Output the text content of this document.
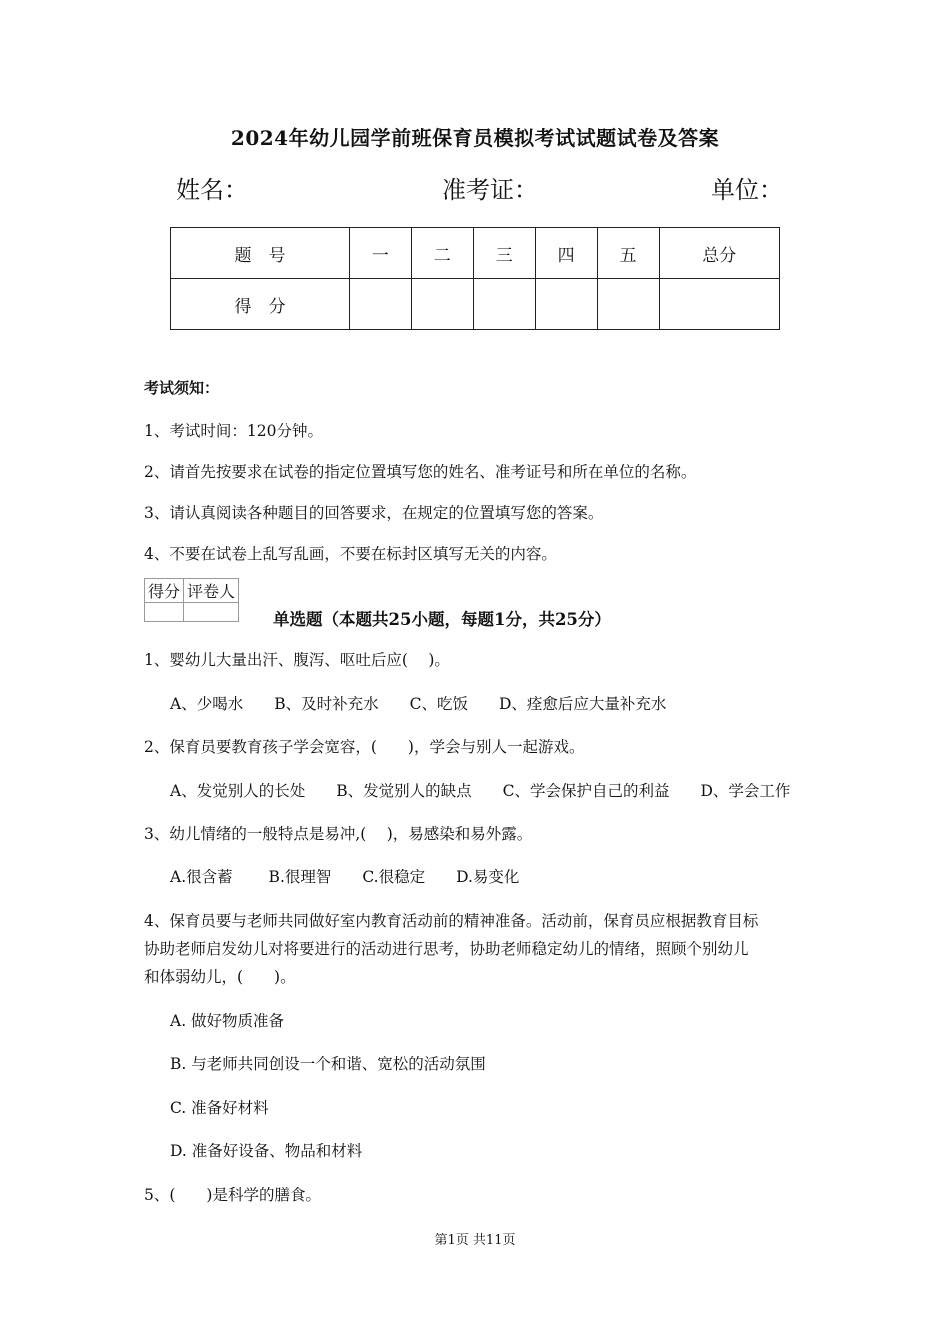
2024年幼儿园学前班保育员模拟考试试题试卷及答案
姓名：	准考证：	单位：
题　号	一	二	三	四	五	总分
得　分						
考试须知：
1、考试时间：120分钟。
2、请首先按要求在试卷的指定位置填写您的姓名、准考证号和所在单位的名称。
3、请认真阅读各种题目的回答要求，在规定的位置填写您的答案。
4、不要在试卷上乱写乱画，不要在标封区填写无关的内容。
得分	评卷人

单选题（本题共25小题，每题1分，共25分）
1、婴幼儿大量出汗、腹泻、呕吐后应(　 )。
A、少喝水　　B、及时补充水　　C、吃饭　　D、痊愈后应大量补充水
2、保育员要教育孩子学会宽容，(　　)，学会与别人一起游戏。
A、发觉别人的长处　　B、发觉别人的缺点　　C、学会保护自己的利益　　D、学会工作
3、幼儿情绪的一般特点是易冲,(　 )，易感染和易外露。
A.很含蓄　　 B.很理智　　C.很稳定　　D.易变化
4、保育员要与老师共同做好室内教育活动前的精神准备。活动前，保育员应根据教育目标
协助老师启发幼儿对将要进行的活动进行思考，协助老师稳定幼儿的情绪，照顾个别幼儿
和体弱幼儿，(　　)。
A. 做好物质准备
B. 与老师共同创设一个和谐、宽松的活动氛围
C. 准备好材料
D. 准备好设备、物品和材料
5、(　　)是科学的膳食。
第1页 共11页
